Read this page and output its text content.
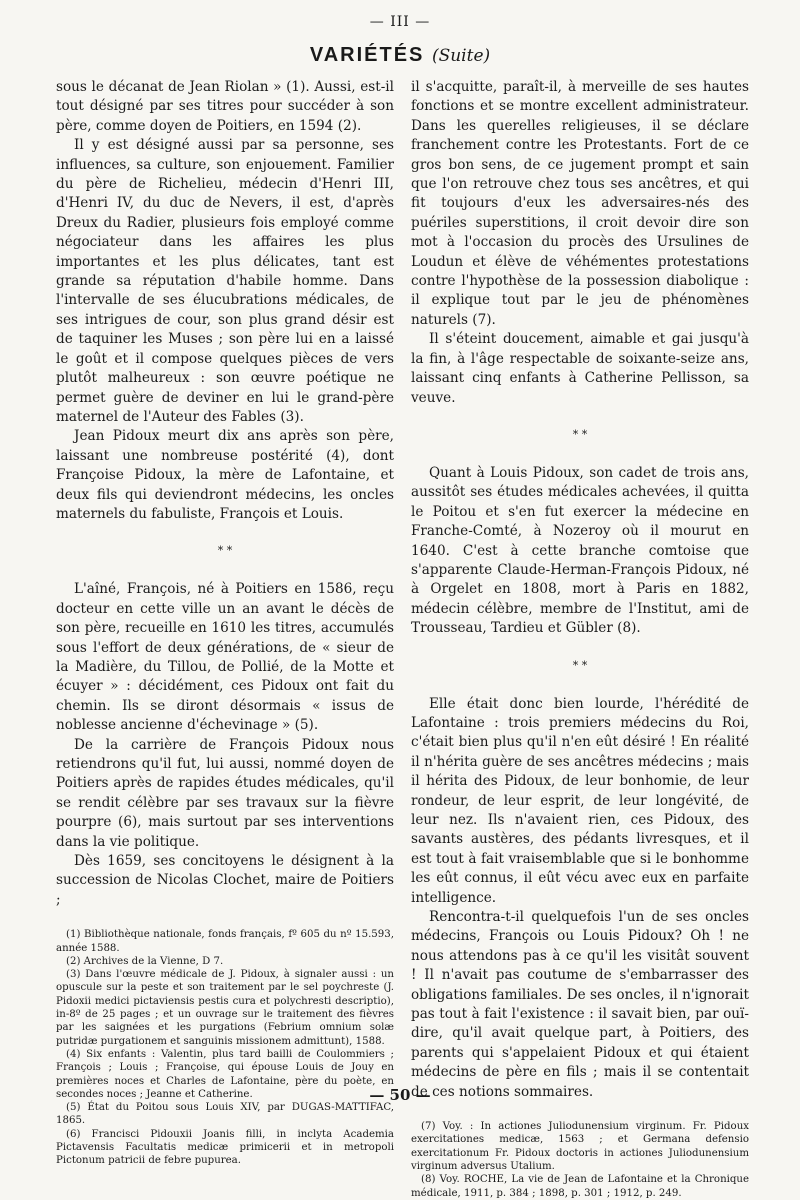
— III —
VARIÉTÉS (Suite)

sous le décanat de Jean Riolan » (1). Aussi, est-il tout désigné par ses titres pour succéder à son père, comme doyen de Poitiers, en 1594 (2).

Il y est désigné aussi par sa personne, ses influences, sa culture, son enjouement. Familier du père de Richelieu, médecin d'Henri III, d'Henri IV, du duc de Nevers, il est, d'après Dreux du Radier, plusieurs fois employé comme négociateur dans les affaires les plus importantes et les plus délicates, tant est grande sa réputation d'habile homme. Dans l'intervalle de ses élucubrations médicales, de ses intrigues de cour, son plus grand désir est de taquiner les Muses ; son père lui en a laissé le goût et il compose quelques pièces de vers plutôt malheureux : son œuvre poétique ne permet guère de deviner en lui le grand-père maternel de l'Auteur des Fables (3).

Jean Pidoux meurt dix ans après son père, laissant une nombreuse postérité (4), dont Françoise Pidoux, la mère de Lafontaine, et deux fils qui deviendront médecins, les oncles maternels du fabuliste, François et Louis.

* *

L'aîné, François, né à Poitiers en 1586, reçu docteur en cette ville un an avant le décès de son père, recueille en 1610 les titres, accumulés sous l'effort de deux générations, de « sieur de la Madière, du Tillou, de Pollié, de la Motte et écuyer » : décidément, ces Pidoux ont fait du chemin. Ils se diront désormais « issus de noblesse ancienne d'échevinage » (5).

De la carrière de François Pidoux nous retiendrons qu'il fut, lui aussi, nommé doyen de Poitiers après de rapides études médicales, qu'il se rendit célèbre par ses travaux sur la fièvre pourpre (6), mais surtout par ses interventions dans la vie politique.

Dès 1659, ses concitoyens le désignent à la succession de Nicolas Clochet, maire de Poitiers ;

(1) Bibliothèque nationale, fonds français, fº 605 du nº 15.593, année 1588.

(2) Archives de la Vienne, D 7.

(3) Dans l'œuvre médicale de J. Pidoux, à signaler aussi : un opuscule sur la peste et son traitement par le sel poychreste (J. Pidoxii medici pictaviensis pestis cura et polychresti descriptio), in-8º de 25 pages ; et un ouvrage sur le traitement des fièvres par les saignées et les purgations (Febrium omnium solæ putridæ purgationem et sanguinis missionem admittunt), 1588.

(4) Six enfants : Valentin, plus tard bailli de Coulommiers ; François ; Louis ; Françoise, qui épouse Louis de Jouy en premières noces et Charles de Lafontaine, père du poète, en secondes noces ; Jeanne et Catherine.

(5) État du Poitou sous Louis XIV, par DUGAS-MATTIFAC, 1865.

(6) Francisci Pidouxii Joanis filli, in inclyta Academia Pictavensis Facultatis medicæ primicerii et in metropoli Pictonum patricii de febre pupurea.

il s'acquitte, paraît-il, à merveille de ses hautes fonctions et se montre excellent administrateur. Dans les querelles religieuses, il se déclare franchement contre les Protestants. Fort de ce gros bon sens, de ce jugement prompt et sain que l'on retrouve chez tous ses ancêtres, et qui fit toujours d'eux les adversaires-nés des puériles superstitions, il croit devoir dire son mot à l'occasion du procès des Ursulines de Loudun et élève de véhémentes protestations contre l'hypothèse de la possession diabolique : il explique tout par le jeu de phénomènes naturels (7).

Il s'éteint doucement, aimable et gai jusqu'à la fin, à l'âge respectable de soixante-seize ans, laissant cinq enfants à Catherine Pellisson, sa veuve.

* *

Quant à Louis Pidoux, son cadet de trois ans, aussitôt ses études médicales achevées, il quitta le Poitou et s'en fut exercer la médecine en Franche-Comté, à Nozeroy où il mourut en 1640. C'est à cette branche comtoise que s'apparente Claude-Herman-François Pidoux, né à Orgelet en 1808, mort à Paris en 1882, médecin célèbre, membre de l'Institut, ami de Trousseau, Tardieu et Gübler (8).

* *

Elle était donc bien lourde, l'hérédité de Lafontaine : trois premiers médecins du Roi, c'était bien plus qu'il n'en eût désiré ! En réalité il n'hérita guère de ses ancêtres médecins ; mais il hérita des Pidoux, de leur bonhomie, de leur rondeur, de leur esprit, de leur longévité, de leur nez. Ils n'avaient rien, ces Pidoux, des savants austères, des pédants livresques, et il est tout à fait vraisemblable que si le bonhomme les eût connus, il eût vécu avec eux en parfaite intelligence.

Rencontra-t-il quelquefois l'un de ses oncles médecins, François ou Louis Pidoux? Oh ! ne nous attendons pas à ce qu'il les visitât souvent ! Il n'avait pas coutume de s'embarrasser des obligations familiales. De ses oncles, il n'ignorait pas tout à fait l'existence : il savait bien, par ouï-dire, qu'il avait quelque part, à Poitiers, des parents qui s'appelaient Pidoux et qui étaient médecins de père en fils ; mais il se contentait de ces notions sommaires.

(7) Voy. : In actiones Juliodunensium virginum. Fr. Pidoux exercitationes medicæ, 1563 ; et Germana defensio exercitationum Fr. Pidoux doctoris in actiones Juliodunensium virginum adversus Utalium.

(8) Voy. ROCHE, La vie de Jean de Lafontaine et la Chronique médicale, 1911, p. 384 ; 1898, p. 301 ; 1912, p. 249.

— 50 —
